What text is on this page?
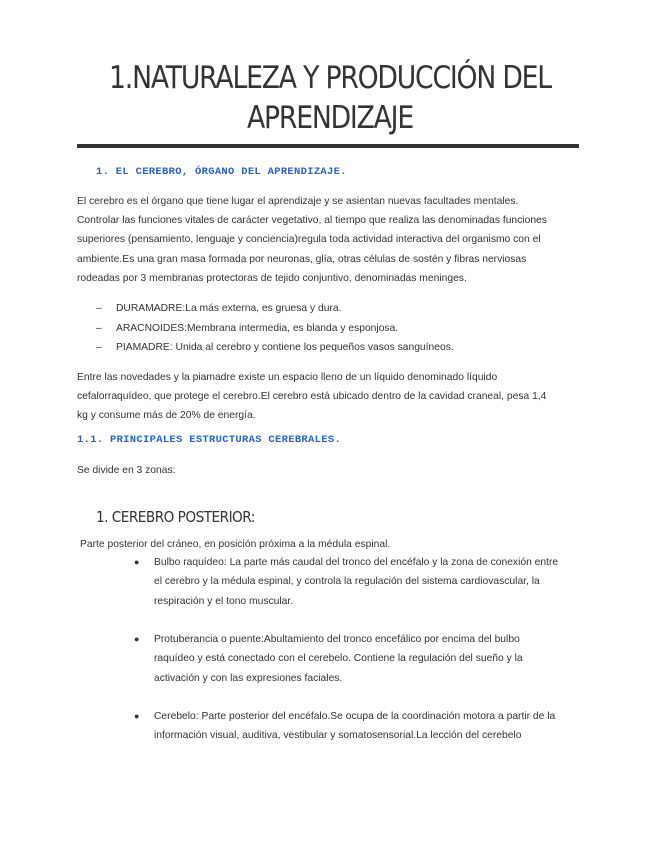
1.NATURALEZA Y PRODUCCIÓN DEL APRENDIZAJE
1. EL CEREBRO, ÓRGANO DEL APRENDIZAJE.

El cerebro es el órgano que tiene lugar el aprendizaje y se asientan nuevas facultades mentales.

Controlar las funciones vitales de carácter vegetativo, al tiempo que realiza las denominadas funciones

superiores (pensamiento, lenguaje y conciencia)regula toda actividad interactiva del organismo con el

ambiente.Es una gran masa formada por neuronas, glía, otras células de sostén y fibras nerviosas

rodeadas por 3 membranas protectoras de tejido conjuntivo, denominadas meninges.

– DURAMADRE:La más externa, es gruesa y dura.
– ARACNOIDES:Membrana intermedia, es blanda y esponjosa.
– PIAMADRE: Unida al cerebro y contiene los pequeños vasos sanguíneos.

Entre las novedades y la piamadre existe un espacio lleno de un líquido denominado líquido

cefalorraquídeo, que protege el cerebro.El cerebro está ubicado dentro de la cavidad craneal, pesa 1,4

kg y consume más de 20% de energía.

1.1. PRINCIPALES ESTRUCTURAS CEREBRALES.

Se divide en 3 zonas:

1. CEREBRO POSTERIOR:

Parte posterior del cráneo, en posición próxima a la médula espinal.

● Bulbo raquídeo: La parte más caudal del tronco del encéfalo y la zona de conexión entre
el cerebro y la médula espinal, y controla la regulación del sistema cardiovascular, la
respiración y el tono muscular.
● Protuberancia o puente:Abultamiento del tronco encefálico por encima del bulbo
raquídeo y está conectado con el cerebelo. Contiene la regulación del sueño y la
activación y con las expresiones faciales.
● Cerebelo: Parte posterior del encéfalo.Se ocupa de la coordinación motora a partir de la
información visual, auditiva, vestibular y somatosensorial.La lección del cerebelo
